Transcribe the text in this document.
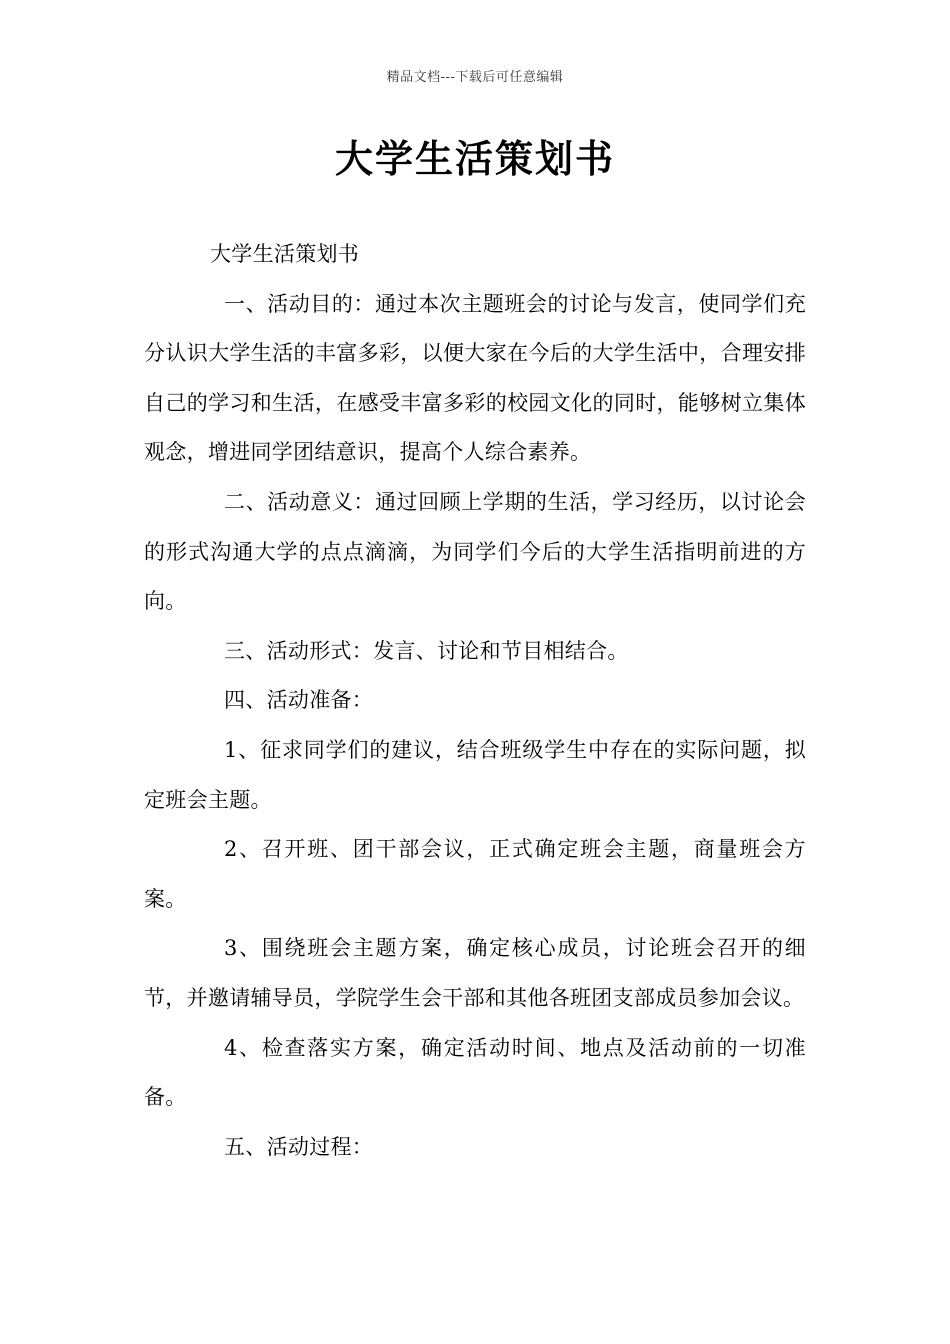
精品文档---下载后可任意编辑
大学生活策划书

大学生活策划书

一、活动目的：通过本次主题班会的讨论与发言，使同学们充分认识大学生活的丰富多彩，以便大家在今后的大学生活中，合理安排自己的学习和生活，在感受丰富多彩的校园文化的同时，能够树立集体观念，增进同学团结意识，提高个人综合素养。

二、活动意义：通过回顾上学期的生活，学习经历，以讨论会的形式沟通大学的点点滴滴，为同学们今后的大学生活指明前进的方向。

三、活动形式：发言、讨论和节目相结合。

四、活动准备：

1、征求同学们的建议，结合班级学生中存在的实际问题，拟定班会主题。

2、召开班、团干部会议，正式确定班会主题，商量班会方案。

3、围绕班会主题方案，确定核心成员，讨论班会召开的细节，并邀请辅导员，学院学生会干部和其他各班团支部成员参加会议。

4、检查落实方案，确定活动时间、地点及活动前的一切准备。

五、活动过程：
